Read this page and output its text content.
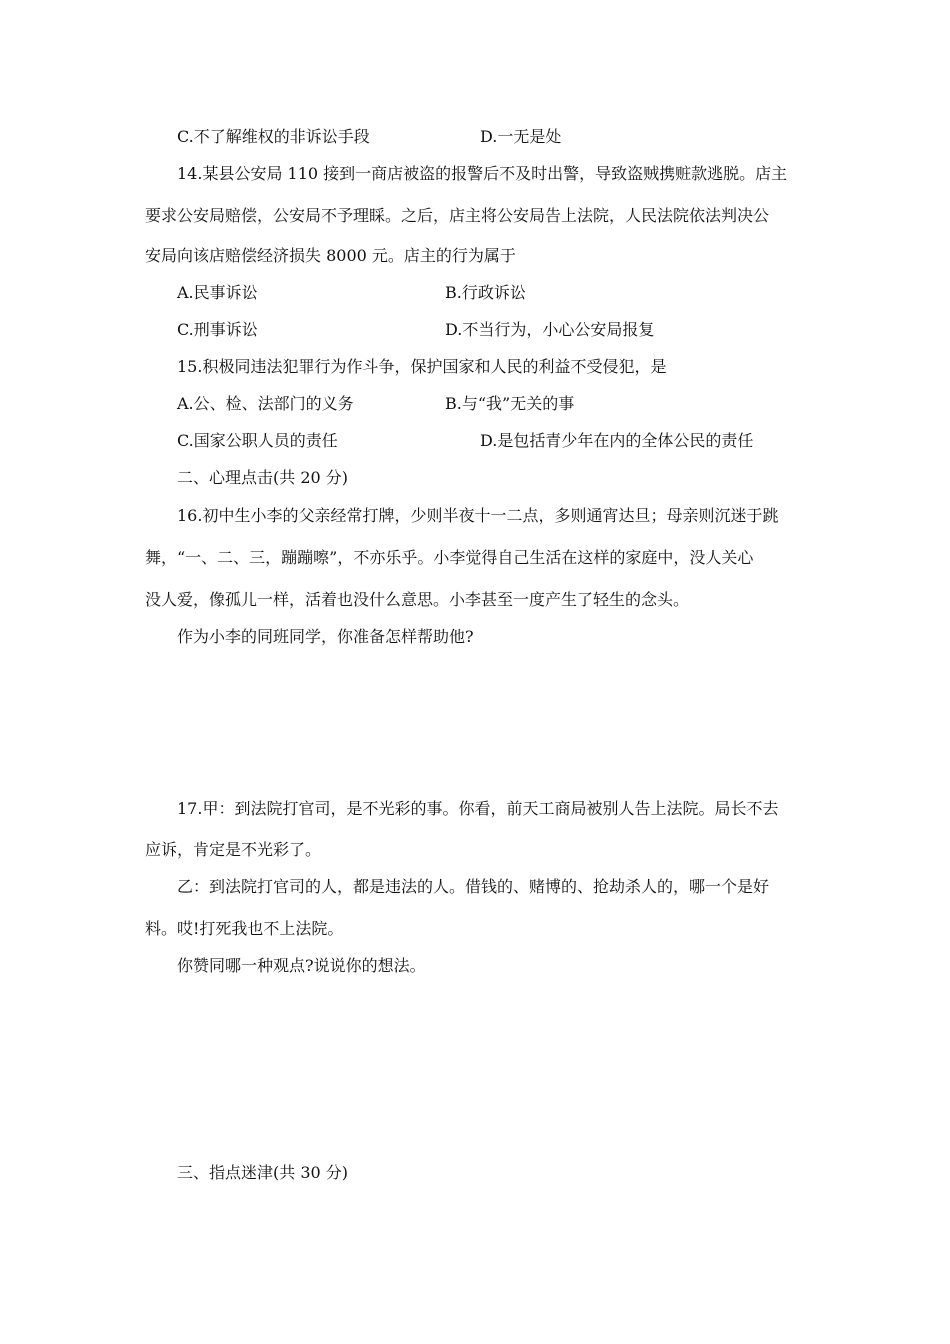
C.不了解维权的非诉讼手段	D.一无是处
14.某县公安局 110 接到一商店被盗的报警后不及时出警，导致盗贼携赃款逃脱。店主
要求公安局赔偿，公安局不予理睬。之后，店主将公安局告上法院，人民法院依法判决公
安局向该店赔偿经济损失 8000 元。店主的行为属于
A.民事诉讼	B.行政诉讼
C.刑事诉讼	D.不当行为，小心公安局报复
15.积极同违法犯罪行为作斗争，保护国家和人民的利益不受侵犯，是
A.公、检、法部门的义务	B.与“我”无关的事
C.国家公职人员的责任	D.是包括青少年在内的全体公民的责任
二、心理点击(共 20 分)
16.初中生小李的父亲经常打牌，少则半夜十一二点，多则通宵达旦；母亲则沉迷于跳
舞，“一、二、三，蹦蹦嚓”，不亦乐乎。小李觉得自己生活在这样的家庭中，没人关心
没人爱，像孤儿一样，活着也没什么意思。小李甚至一度产生了轻生的念头。
作为小李的同班同学，你准备怎样帮助他?
17.甲：到法院打官司，是不光彩的事。你看，前天工商局被别人告上法院。局长不去
应诉，肯定是不光彩了。
乙：到法院打官司的人，都是违法的人。借钱的、赌博的、抢劫杀人的，哪一个是好
料。哎!打死我也不上法院。
你赞同哪一种观点?说说你的想法。
三、指点迷津(共 30 分)
